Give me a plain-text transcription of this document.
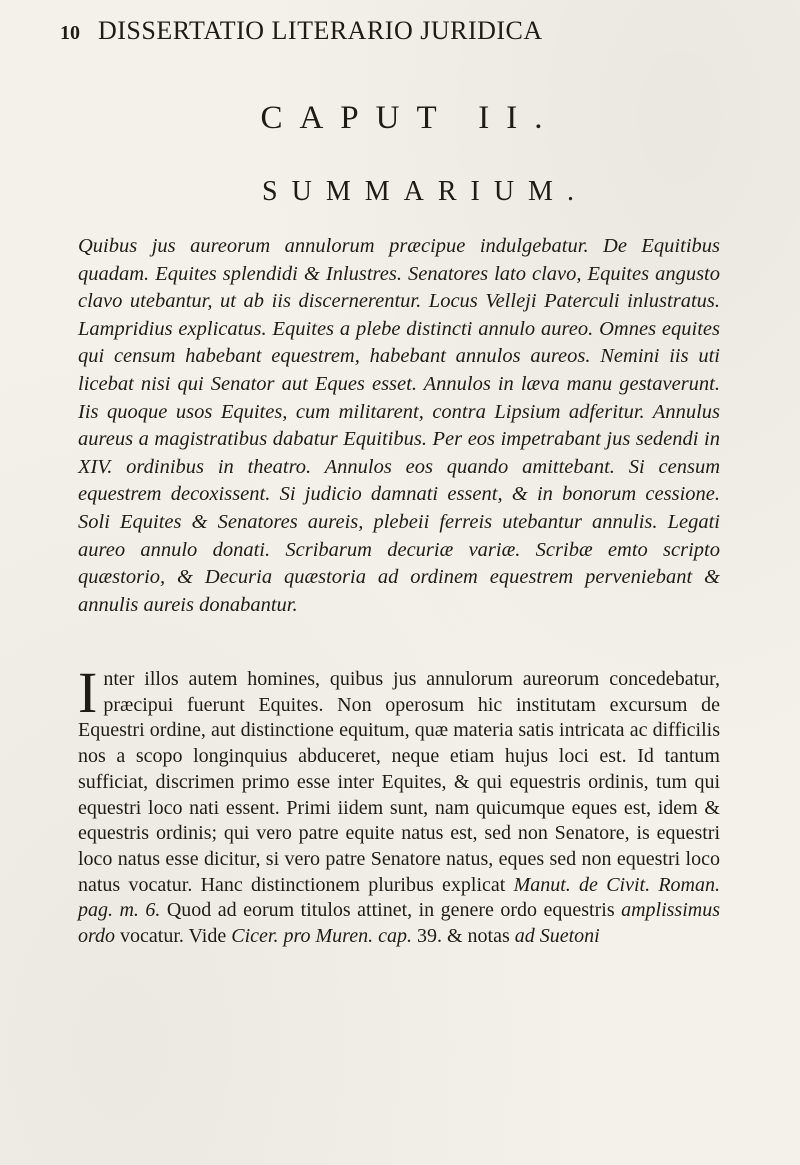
10 DISSERTATIO LITERARIO JURIDICA
CAPUT II.
SUMMARIUM.

Quibus jus aureorum annulorum præcipue indulgebatur. De Equitibus quadam. Equites splendidi & Inlustres. Senatores lato clavo, Equites angusto clavo utebantur, ut ab iis discernerentur. Locus Velleji Paterculi inlustratus. Lampridius explicatus. Equites a plebe distincti annulo aureo. Omnes equites qui censum habebant equestrem, habebant annulos aureos. Nemini iis uti licebat nisi qui Senator aut Eques esset. Annulos in læva manu gestaverunt. Iis quoque usos Equites, cum militarent, contra Lipsium adferitur. Annulus aureus a magistratibus dabatur Equitibus. Per eos impetrabant jus sedendi in XIV. ordinibus in theatro. Annulos eos quando amittebant. Si censum equestrem decoxissent. Si judicio damnati essent, & in bonorum cessione. Soli Equites & Senatores aureis, plebeii ferreis utebantur annulis. Legati aureo annulo donati. Scribarum decuriæ variæ. Scribæ emto scripto quæstorio, & Decuria quæstoria ad ordinem equestrem perveniebant & annulis aureis donabantur.

Inter illos autem homines, quibus jus annulorum aureorum concedebatur, præcipui fuerunt Equites. Non operosum hic institutam excursum de Equestri ordine, aut distinctione equitum, quæ materia satis intricata ac difficilis nos a scopo longinquius abduceret, neque etiam hujus loci est. Id tantum sufficiat, discrimen primo esse inter Equites, & qui equestris ordinis, tum qui equestri loco nati essent. Primi iidem sunt, nam quicumque eques est, idem & equestris ordinis; qui vero patre equite natus est, sed non Senatore, is equestri loco natus esse dicitur, si vero patre Senatore natus, eques sed non equestri loco natus vocatur. Hanc distinctionem pluribus explicat Manut. de Civit. Roman. pag. m. 6. Quod ad eorum titulos attinet, in genere ordo equestris amplissimus ordo vocatur. Vide Cicer. pro Muren. cap. 39. & notas ad Suetoni
